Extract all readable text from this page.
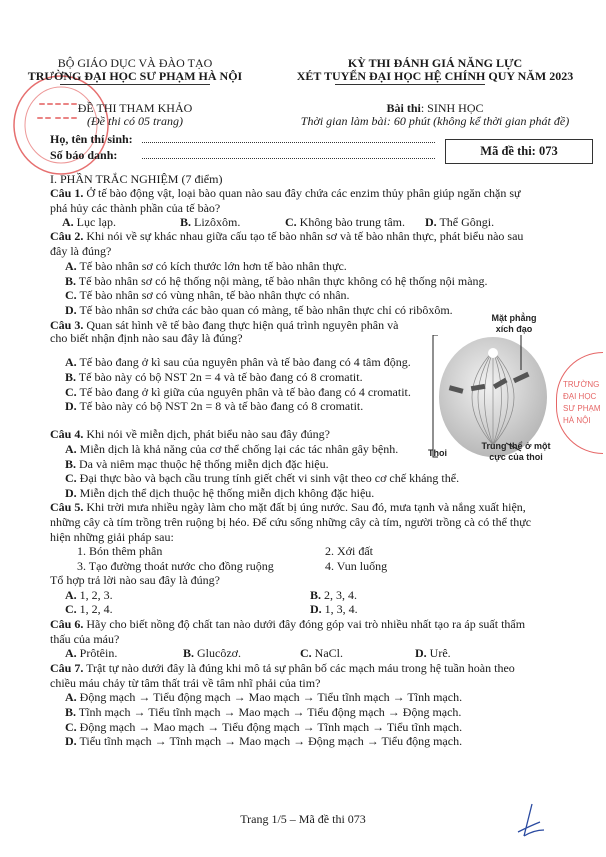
BỘ GIÁO DỤC VÀ ĐÀO TẠO
TRƯỜNG ĐẠI HỌC SƯ PHẠM HÀ NỘI
ĐỀ THI THAM KHẢO
(Đề thi có 05 trang)
KỲ THI ĐÁNH GIÁ NĂNG LỰC
XÉT TUYỂN ĐẠI HỌC HỆ CHÍNH QUY NĂM 2023
Bài thi: SINH HỌC
Thời gian làm bài: 60 phút (không kể thời gian phát đề)
Họ, tên thí sinh:
Số báo danh:	Mã đề thi: 073
TRƯỜNG
ĐẠI HỌC
SƯ PHẠM
HÀ NỘI
I. PHẦN TRẮC NGHIỆM (7 điểm)
Câu 1. Ở tế bào động vật, loại bào quan nào sau đây chứa các enzim thủy phân giúp ngăn chặn sự
phá hủy các thành phần của tế bào?
A. Lục lạp.	B. Lizôxôm.	C. Không bào trung tâm. D. Thể Gôngi.
Câu 2. Khi nói về sự khác nhau giữa cấu tạo tế bào nhân sơ và tế bào nhân thực, phát biểu nào sau
đây là đúng?
A. Tế bào nhân sơ có kích thước lớn hơn tế bào nhân thực.
B. Tế bào nhân sơ có hệ thống nội màng, tế bào nhân thực không có hệ thống nội màng.
C. Tế bào nhân sơ có vùng nhân, tế bào nhân thực có nhân.
D. Tế bào nhân sơ chứa các bào quan có màng, tế bào nhân thực chỉ có ribôxôm.
Câu 3. Quan sát hình vẽ tế bào đang thực hiện quá trình nguyên phân và
cho biết nhận định nào sau đây là đúng?
A. Tế bào đang ở kì sau của nguyên phân và tế bào đang có 4 tâm động.
B. Tế bào này có bộ NST 2n = 4 và tế bào đang có 8 cromatit.
C. Tế bào đang ở kì giữa của nguyên phân và tế bào đang có 4 cromatit.
D. Tế bào này có bộ NST 2n = 8 và tế bào đang có 8 cromatit.
Mặt phẳng
xích đạo
Thoi
Trung thể ở một
cực của thoi
Câu 4. Khi nói về miễn dịch, phát biểu nào sau đây đúng?
A. Miễn dịch là khả năng của cơ thể chống lại các tác nhân gây bệnh.
B. Da và niêm mạc thuộc hệ thống miễn dịch đặc hiệu.
C. Đại thực bào và bạch cầu trung tính giết chết vi sinh vật theo cơ chế kháng thể.
D. Miễn dịch thể dịch thuộc hệ thống miễn dịch không đặc hiệu.
Câu 5. Khi trời mưa nhiều ngày làm cho mặt đất bị úng nước. Sau đó, mưa tạnh và nắng xuất hiện,
những cây cà tím trồng trên ruộng bị héo. Để cứu sống những cây cà tím, người trồng cà có thể thực
hiện những giải pháp sau:
1. Bón thêm phân	2. Xới đất
3. Tạo đường thoát nước cho đồng ruộng	4. Vun luống
Tổ hợp trả lời nào sau đây là đúng?
A. 1, 2, 3.	B. 2, 3, 4.
C. 1, 2, 4.	D. 1, 3, 4.
Câu 6. Hãy cho biết nồng độ chất tan nào dưới đây đóng góp vai trò nhiều nhất tạo ra áp suất thẩm
thấu của máu?
A. Prôtêin.	B. Glucôzơ.	C. NaCl.	D. Urê.
Câu 7. Trật tự nào dưới đây là đúng khi mô tả sự phân bố các mạch máu trong hệ tuần hoàn theo
chiều máu chảy từ tâm thất trái về tâm nhĩ phải của tim?
A. Động mạch → Tiểu động mạch → Mao mạch → Tiểu tĩnh mạch → Tĩnh mạch.
B. Tĩnh mạch → Tiểu tĩnh mạch → Mao mạch → Tiểu động mạch → Động mạch.
C. Động mạch → Mao mạch → Tiểu động mạch → Tĩnh mạch → Tiểu tĩnh mạch.
D. Tiểu tĩnh mạch → Tĩnh mạch → Mao mạch → Động mạch → Tiểu động mạch.
Trang 1/5 – Mã đề thi 073
